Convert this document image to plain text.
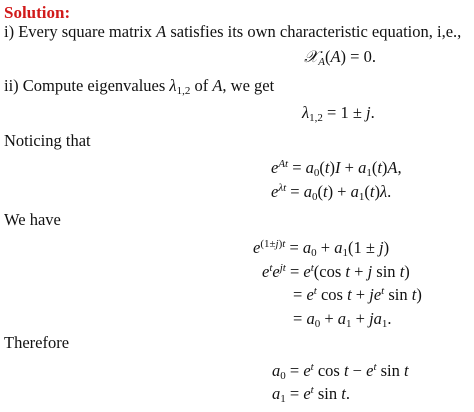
Solution:
i) Every square matrix A satisfies its own characteristic equation, i,e.,
𝒳$_A$(A) = 0.
ii) Compute eigenvalues $\lambda_{1,2}$ of A, we get
$\lambda_{1,2} = 1 \pm j$.
Noticing that
$e^{At} = a_0(t)I + a_1(t)A$,
$e^{\lambda t} = a_0(t) + a_1(t)\lambda$.
We have
$e^{(1\pm j)t} = a_0 + a_1(1 \pm j)$
$e^te^{jt} = e^t(\cos$ t + j sin t)
= $e^t$ $\cos t + je^t$ sin t)
= $a_0 + a_1 + ja_1$.
Therefore
$a_0 = e^t$ $\cos t - e^t$ sin t
$a_1 = e^t$ sin t.
